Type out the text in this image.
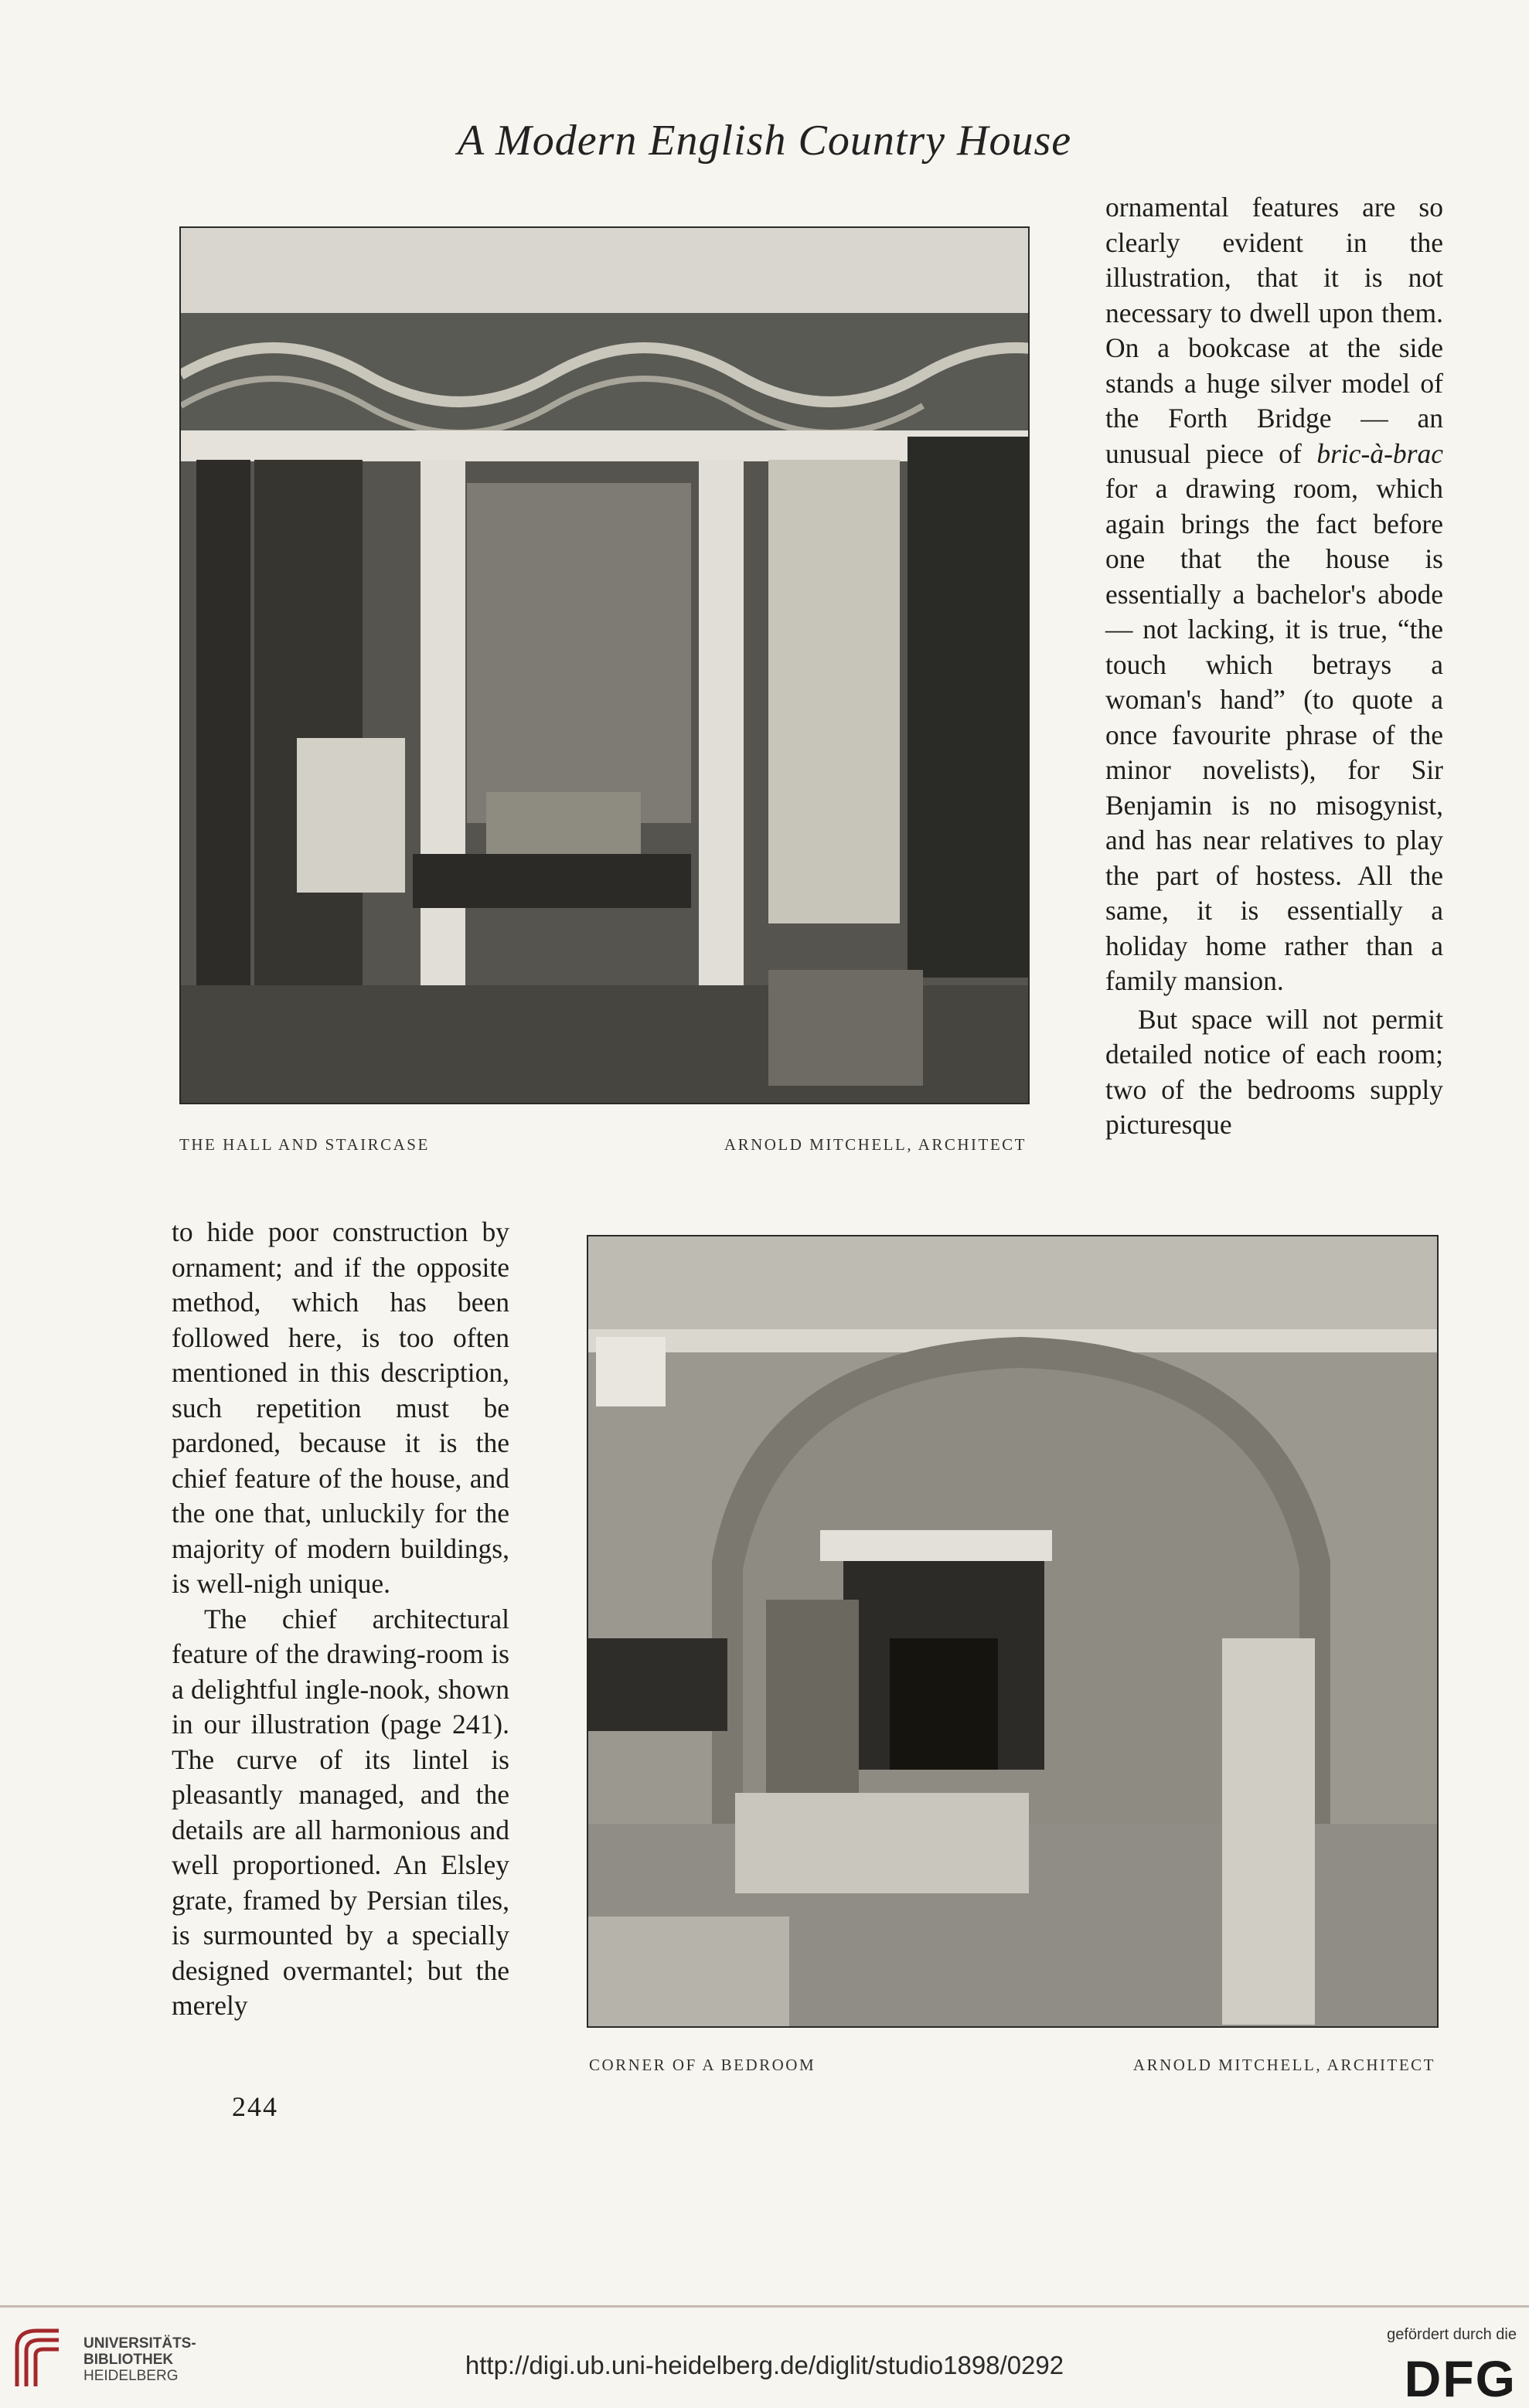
A Modern English Country House
THE HALL AND STAIRCASE	ARNOLD MITCHELL, ARCHITECT

ornamental features are so clearly evident in the illustration, that it is not necessary to dwell upon them. On a bookcase at the side stands a huge silver model of the Forth Bridge — an unusual piece of bric-à-brac for a drawing room, which again brings the fact before one that the house is essentially a bachelor's abode— not lacking, it is true, “the touch which betrays a woman's hand” (to quote a once favourite phrase of the minor novelists), for Sir Benjamin is no misogynist, and has near relatives to play the part of hostess. All the same, it is essentially a holiday home rather than a family mansion.

But space will not permit detailed notice of each room; two of the bedrooms supply picturesque

to hide poor construction by ornament; and if the opposite method, which has been followed here, is too often mentioned in this description, such repetition must be pardoned, because it is the chief feature of the house, and the one that, unluckily for the majority of modern buildings, is well-nigh unique.

The chief architectural feature of the drawing-room is a delightful ingle-nook, shown in our illustration (page 241). The curve of its lintel is pleasantly managed, and the details are all harmonious and well proportioned. An Elsley grate, framed by Persian tiles, is surmounted by a specially designed overmantel; but the merely

CORNER OF A BEDROOM	ARNOLD MITCHELL, ARCHITECT
244
UNIVERSITÄTS-
BIBLIOTHEK
HEIDELBERG	http://digi.ub.uni-heidelberg.de/diglit/studio1898/0292
gefördert durch die
DFG
